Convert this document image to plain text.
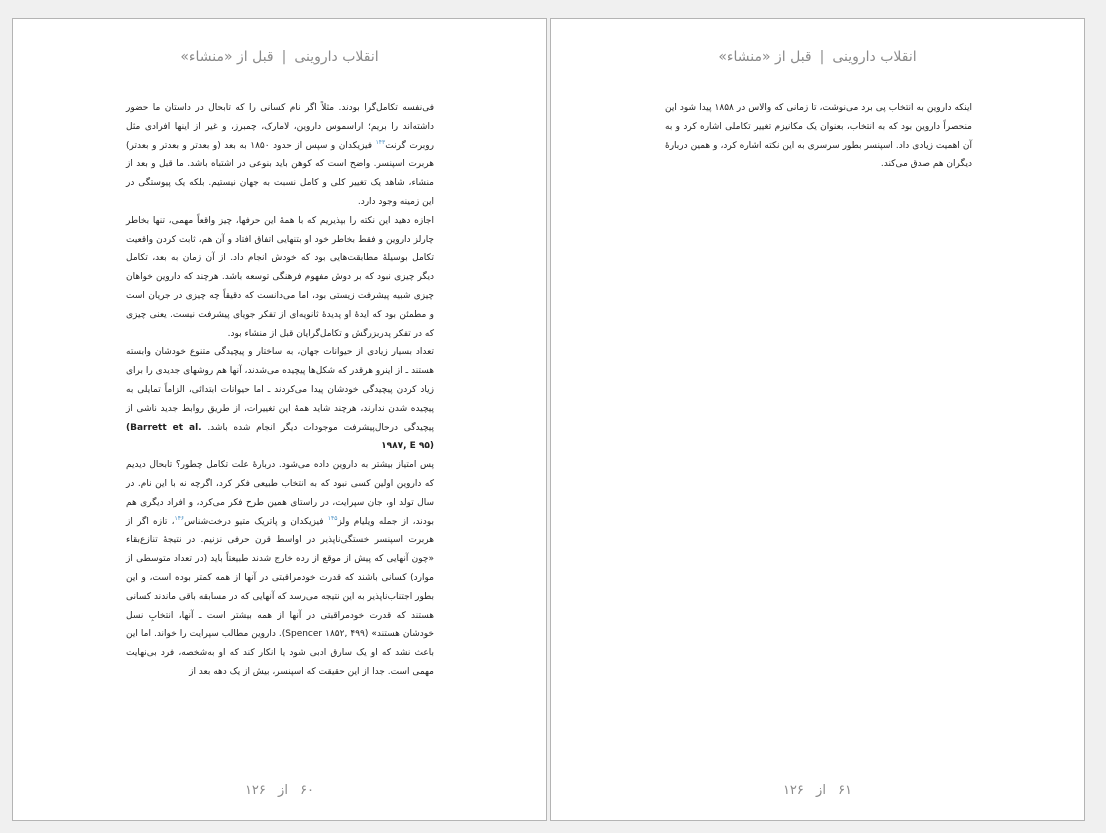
انقلاب داروینی|قبل از «منشاء»

فی‌نفسه تکامل‌گرا بودند. مثلاً اگر نام کسانی را که تابحال در داستان ما حضور داشته‌اند را بریم؛ اراسموس داروین، لامارک، چمبرز، و غیر از اینها افرادی مثل روبرت گرنت$^{۱۴۳}$ فیزیکدان و سپس از حدود ۱۸۵۰ به بعد (و بعدتر و بعدتر و بعدتر) هربرت اسپنسر. واضح است که کوهن باید بنوعی در اشتباه باشد. ما قبل و بعد از منشاء، شاهد یک تغییر کلی و کامل نسبت به جهان نیستیم. بلکه یک پیوستگی در این زمینه وجود دارد.

اجازه دهید این نکته را بپذیریم که با همهٔ این حرفها، چیز واقعاً مهمی، تنها بخاطر چارلز داروین و فقط بخاطر خود او بتنهایی اتفاق افتاد و آن هم، ثابت کردن واقعیت تکامل بوسیلهٔ مطابقت‌هایی بود که خودش انجام داد. از آن زمان به بعد، تکامل دیگر چیزی نبود که بر دوش مفهوم فرهنگی توسعه باشد. هرچند که داروین خواهان چیزی شبیه پیشرفت زیستی بود، اما می‌دانست که دقیقاً چه چیزی در جریان است و مطمئن بود که ایدهٔ او پدیدهٔ ثانویه‌ای از تفکر جویای پیشرفت نیست. یعنی چیزی که در تفکر پدربزرگش و تکامل‌گرایان قبل از منشاء بود.

تعداد بسیار زیادی از حیوانات جهان، به ساختار و پیچیدگی متنوع خودشان وابسته هستند ـ از اینرو هرقدر که شکل‌ها پیچیده می‌شدند، آنها هم روشهای جدیدی را برای زیاد کردن پیچیدگی خودشان پیدا می‌کردند ـ اما حیوانات ابتدائی، الزاماً تمایلی به پیچیده شدن ندارند، هرچند شاید همهٔ این تغییرات، از طریق روابط جدید ناشی از پیچیدگی درحال‌پیشرفت موجودات دیگر انجام شده باشد. (Barrett et al. ۱۹۸۷, E ۹۵)

پس امتیاز بیشتر به داروین داده می‌شود. دربارهٔ علت تکامل چطور؟ تابحال دیدیم که داروین اولین کسی نبود که به انتخاب طبیعی فکر کرد، اگرچه نه با این نام. در سال تولد او، جان سپرایت، در راستای همین طرح فکر می‌کرد، و افراد دیگری هم بودند، از جمله ویلیام ولز$^{۱۴۵}$ فیزیکدان و پاتریک متیو درخت‌شناس$^{۱۴۶}$، تازه اگر از هربرت اسپنسر خستگی‌ناپذیر در اواسط قرن حرفی نزنیم. در نتیجهٔ تنازع‌بقاء «چون آنهایی که پیش از موقع از رده خارج شدند طبیعتاً باید (در تعداد متوسطی از موارد) کسانی باشند که قدرت خودمراقبتی در آنها از همه کمتر بوده است، و این بطور اجتناب‌ناپذیر به این نتیجه می‌رسد که آنهایی که در مسابقه باقی ماندند کسانی هستند که قدرت خودمراقبتی در آنها از همه بیشتر است ـ آنها، انتخابِ نسل خودشان هستند» (Spencer ۱۸۵۲, ۴۹۹). داروین مطالب سپرایت را خواند. اما این باعث نشد که او یک سارق ادبی شود یا انکار کند که او به‌شخصه، فرد بی‌نهایت مهمی است. جدا از این حقیقت که اسپنسر، بیش از یک دهه بعد از

۶۰ از ۱۲۶
انقلاب داروینی|قبل از «منشاء»

اینکه داروین به انتخاب پی برد می‌نوشت، تا زمانی که والاس در ۱۸۵۸ پیدا شود این منحصراً داروین بود که به انتخاب، بعنوان یک مکانیزم تغییر تکاملی اشاره کرد و به آن اهمیت زیادی داد. اسپنسر بطور سرسری به این نکته اشاره کرد، و همین دربارهٔ دیگران هم صدق می‌کند.

۶۱ از ۱۲۶
